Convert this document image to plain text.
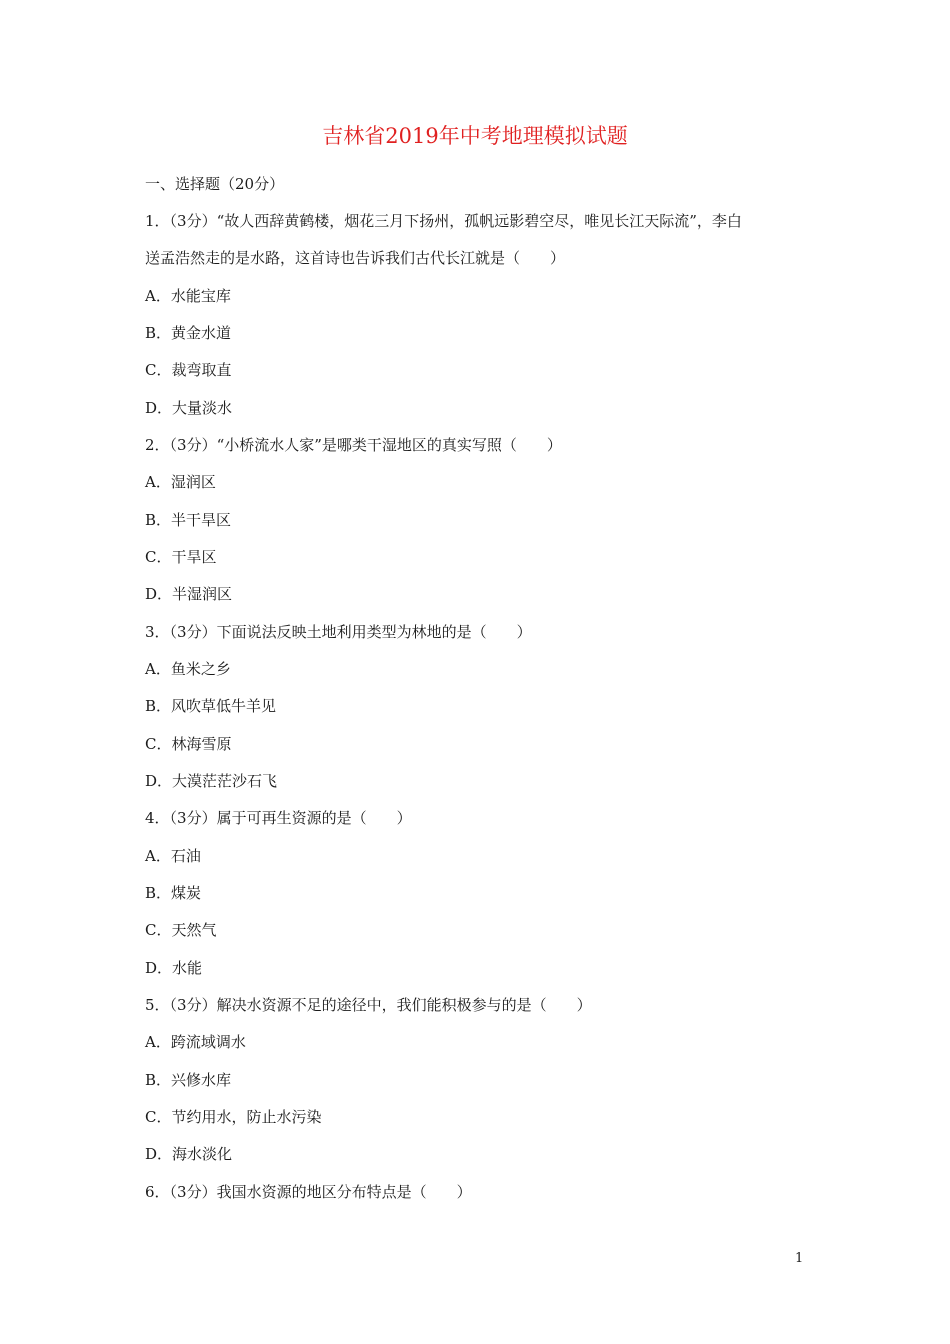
吉林省2019年中考地理模拟试题
一、选择题（20分）
1．（3分）“故人西辞黄鹤楼，烟花三月下扬州，孤帆远影碧空尽，唯见长江天际流”，李白
送孟浩然走的是水路，这首诗也告诉我们古代长江就是（　　）
A．水能宝库
B．黄金水道
C．裁弯取直
D．大量淡水
2．（3分）“小桥流水人家”是哪类干湿地区的真实写照（　　）
A．湿润区
B．半干旱区
C．干旱区
D．半湿润区
3．（3分）下面说法反映土地利用类型为林地的是（　　）
A．鱼米之乡
B．风吹草低牛羊见
C．林海雪原
D．大漠茫茫沙石飞
4．（3分）属于可再生资源的是（　　）
A．石油
B．煤炭
C．天然气
D．水能
5．（3分）解决水资源不足的途径中，我们能积极参与的是（　　）
A．跨流域调水
B．兴修水库
C．节约用水，防止水污染
D．海水淡化
6．（3分）我国水资源的地区分布特点是（　　）
1
